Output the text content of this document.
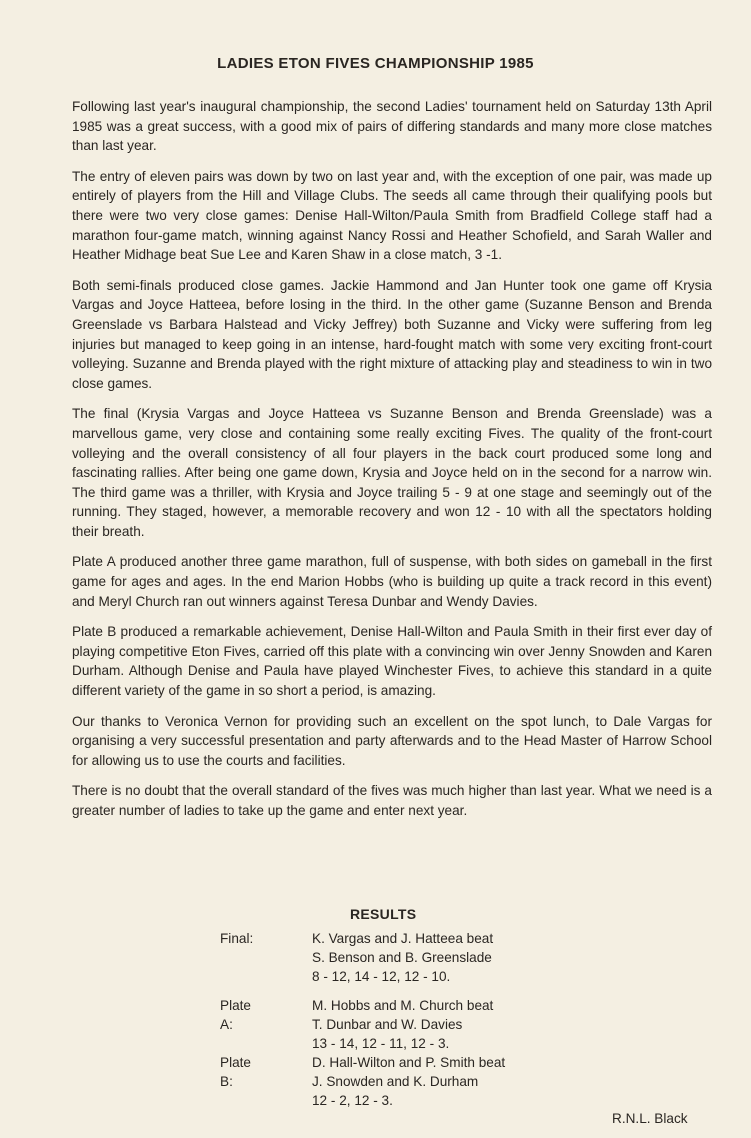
LADIES ETON FIVES CHAMPIONSHIP 1985

Following last year's inaugural championship, the second Ladies' tournament held on Saturday 13th April 1985 was a great success, with a good mix of pairs of differing standards and many more close matches than last year.

The entry of eleven pairs was down by two on last year and, with the exception of one pair, was made up entirely of players from the Hill and Village Clubs. The seeds all came through their qualifying pools but there were two very close games: Denise Hall-Wilton/Paula Smith from Bradfield College staff had a marathon four-game match, winning against Nancy Rossi and Heather Schofield, and Sarah Waller and Heather Midhage beat Sue Lee and Karen Shaw in a close match, 3 -1.

Both semi-finals produced close games. Jackie Hammond and Jan Hunter took one game off Krysia Vargas and Joyce Hatteea, before losing in the third. In the other game (Suzanne Benson and Brenda Greenslade vs Barbara Halstead and Vicky Jeffrey) both Suzanne and Vicky were suffering from leg injuries but managed to keep going in an intense, hard-fought match with some very exciting front-court volleying. Suzanne and Brenda played with the right mixture of attacking play and steadiness to win in two close games.

The final (Krysia Vargas and Joyce Hatteea vs Suzanne Benson and Brenda Greenslade) was a marvellous game, very close and containing some really exciting Fives. The quality of the front-court volleying and the overall consistency of all four players in the back court produced some long and fascinating rallies. After being one game down, Krysia and Joyce held on in the second for a narrow win. The third game was a thriller, with Krysia and Joyce trailing 5 - 9 at one stage and seemingly out of the running. They staged, however, a memorable recovery and won 12 - 10 with all the spectators holding their breath.

Plate A produced another three game marathon, full of suspense, with both sides on gameball in the first game for ages and ages. In the end Marion Hobbs (who is building up quite a track record in this event) and Meryl Church ran out winners against Teresa Dunbar and Wendy Davies.

Plate B produced a remarkable achievement, Denise Hall-Wilton and Paula Smith in their first ever day of playing competitive Eton Fives, carried off this plate with a convincing win over Jenny Snowden and Karen Durham. Although Denise and Paula have played Winchester Fives, to achieve this standard in a quite different variety of the game in so short a period, is amazing.

Our thanks to Veronica Vernon for providing such an excellent on the spot lunch, to Dale Vargas for organising a very successful presentation and party afterwards and to the Head Master of Harrow School for allowing us to use the courts and facilities.

There is no doubt that the overall standard of the fives was much higher than last year. What we need is a greater number of ladies to take up the game and enter next year.

RESULTS
Final:	K. Vargas and J. Hatteea beat
S. Benson and B. Greenslade
8 - 12, 14 - 12, 12 - 10.
Plate A:
M. Hobbs and M. Church beat
T. Dunbar and W. Davies
13 - 14, 12 - 11, 12 - 3.
Plate B:
D. Hall-Wilton and P. Smith beat
J. Snowden and K. Durham
12 - 2, 12 - 3.
R.N.L. Black
